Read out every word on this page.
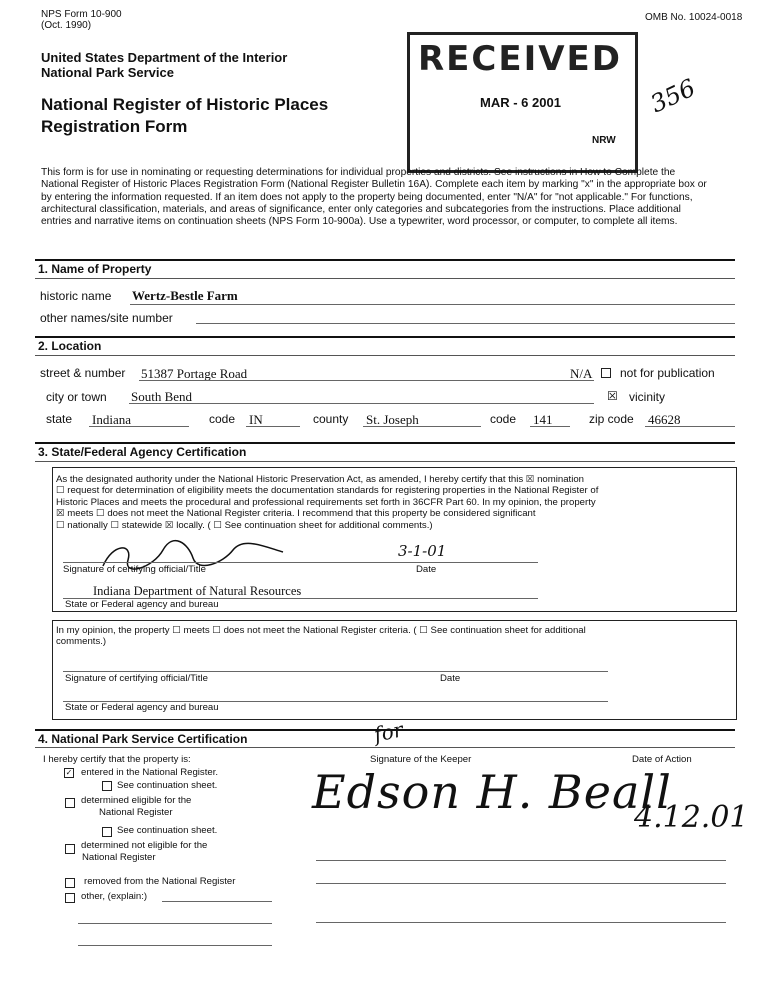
NPS Form 10-900
(Oct. 1990)
OMB No. 10024-0018
United States Department of the Interior
National Park Service
National Register of Historic Places
Registration Form
RECEIVED
MAR - 6 2001
NRW
356
This form is for use in nominating or requesting determinations for individual properties and districts. See instructions in How to Complete the
National Register of Historic Places Registration Form (National Register Bulletin 16A). Complete each item by marking "x" in the appropriate box or
by entering the information requested. If an item does not apply to the property being documented, enter "N/A" for "not applicable." For functions,
architectural classification, materials, and areas of significance, enter only categories and subcategories from the instructions. Place additional
entries and narrative items on continuation sheets (NPS Form 10-900a). Use a typewriter, word processor, or computer, to complete all items.
1. Name of Property
historic name Wertz-Bestle Farm
other names/site number
2. Location
street & number 51387 Portage Road	N/A not for publication
city or town South Bend	☒ vicinity
state Indiana	code IN	county St. Joseph	code 141	zip code 46628
3. State/Federal Agency Certification
As the designated authority under the National Historic Preservation Act, as amended, I hereby certify that this ☒ nomination
☐ request for determination of eligibility meets the documentation standards for registering properties in the National Register of
Historic Places and meets the procedural and professional requirements set forth in 36CFR Part 60. In my opinion, the property
☒ meets ☐ does not meet the National Register criteria. I recommend that this property be considered significant
☐ nationally ☐ statewide ☒ locally. ( ☐ See continuation sheet for additional comments.)
3-1-01
Signature of certifying official/Title	Date
Indiana Department of Natural Resources
State or Federal agency and bureau
In my opinion, the property ☐ meets ☐ does not meet the National Register criteria. ( ☐ See continuation sheet for additional
comments.)
Signature of certifying official/Title	Date
State or Federal agency and bureau
4. National Park Service Certification
I hereby certify that the property is:	Signature of the Keeper	Date of Action
for
✓ entered in the National Register.
See continuation sheet.
determined eligible for the
National Register
See continuation sheet.
determined not eligible for the
National Register
removed from the National Register
other, (explain:)
Edson H. Beall
4.12.01
